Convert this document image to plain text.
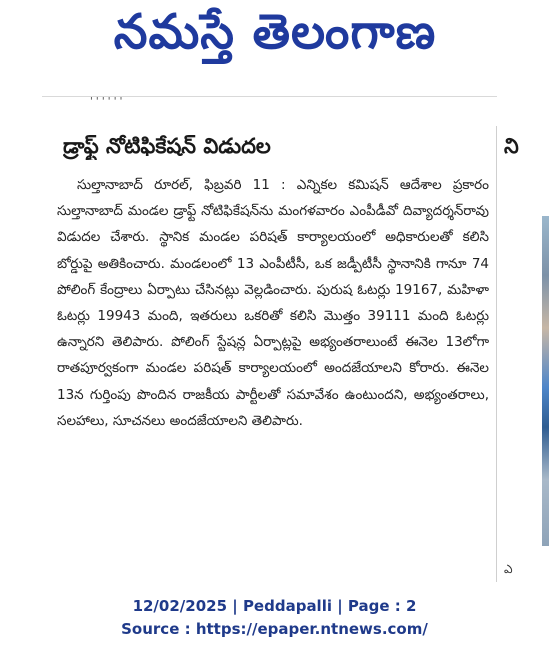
నమస్తే తెలంగాణ
' ' ' ' ' '
డ్రాఫ్ట్ నోటిఫికేషన్ విడుదల

సుల్తానాబాద్ రూరల్, ఫిబ్రవరి 11 : ఎన్నికల కమిషన్ ఆదేశాల ప్రకారం సుల్తానాబాద్ మండల డ్రాఫ్ట్ నోటిఫికేషన్‌ను మంగళవారం ఎంపీడీవో దివ్యాదర్శన్‌రావు విడుదల చేశారు. స్థానిక మండల పరిషత్ కార్యాలయంలో అధికారులతో కలిసి బోర్డుపై అతికించారు. మండలంలో 13 ఎంపీటీసీ, ఒక జడ్పీటీసీ స్థానానికి గానూ 74 పోలింగ్ కేంద్రాలు ఏర్పాటు చేసినట్లు వెల్లడించారు. పురుష ఓటర్లు 19167, మహిళా ఓటర్లు 19943 మంది, ఇతరులు ఒకరితో కలిసి మొత్తం 39111 మంది ఓటర్లు ఉన్నారని తెలిపారు. పోలింగ్ స్టేషన్ల ఏర్పాట్లపై అభ్యంతరాలుంటే ఈనెల 13లోగా రాతపూర్వకంగా మండల పరిషత్ కార్యాలయంలో అందజేయాలని కోరారు. ఈనెల 13న గుర్తింపు పొందిన రాజకీయ పార్టీలతో సమావేశం ఉంటుందని, అభ్యంతరాలు, సలహాలు, సూచనలు అందజేయాలని తెలిపారు.

ని
ఎ
12/02/2025 | Peddapalli | Page : 2
Source : https://epaper.ntnews.com/
